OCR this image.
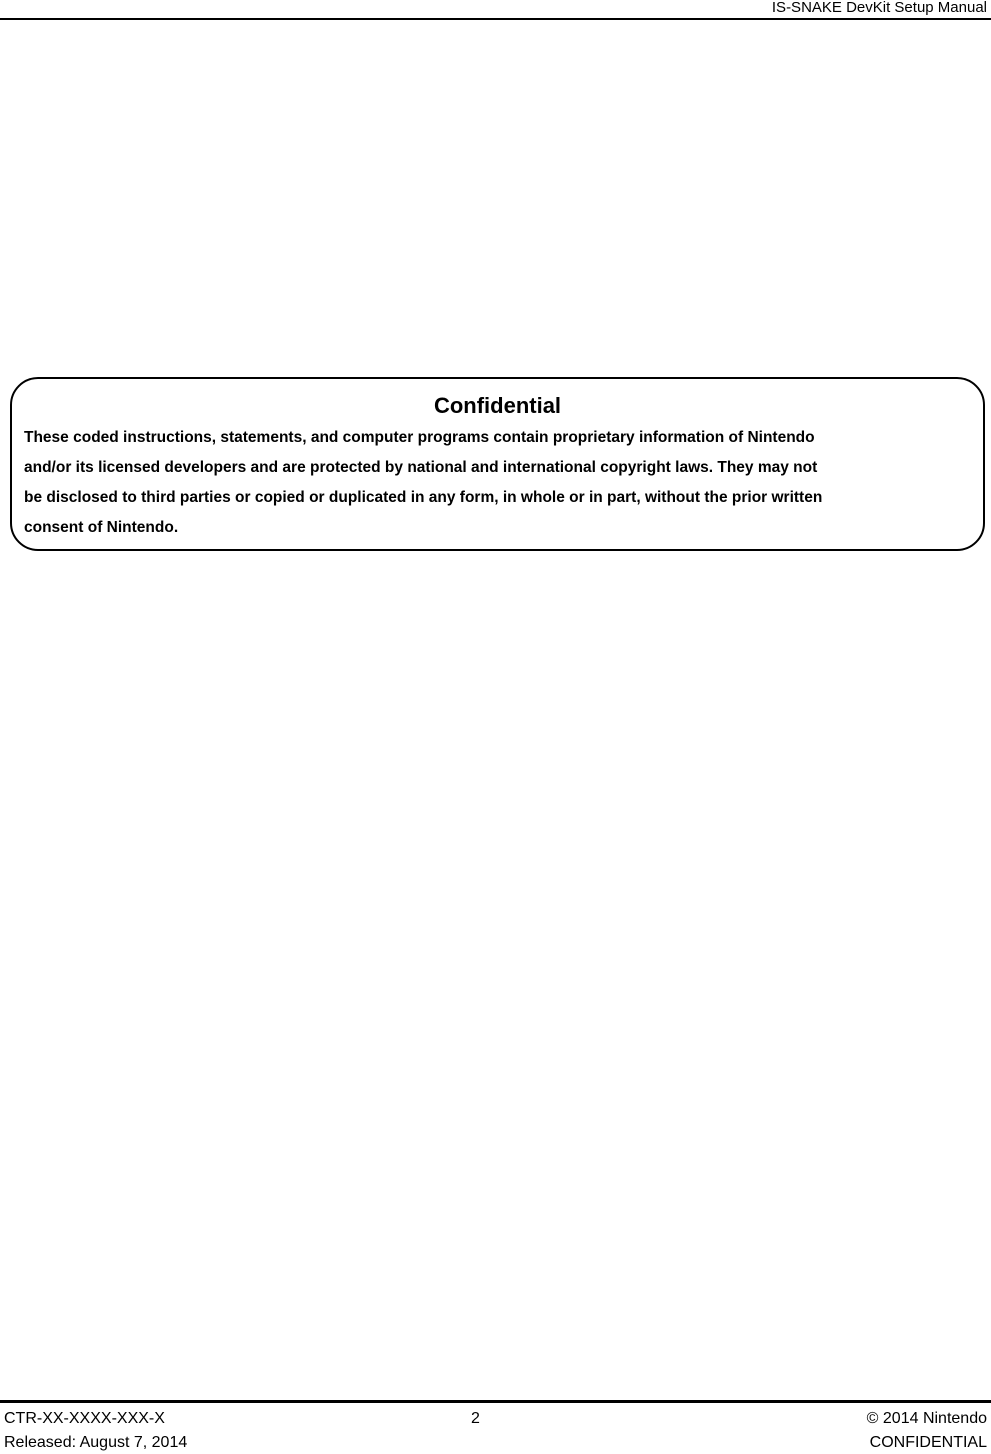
IS-SNAKE DevKit Setup Manual
Confidential
These coded instructions, statements, and computer programs contain proprietary information of Nintendo
and/or its licensed developers and are protected by national and international copyright laws. They may not
be disclosed to third parties or copied or duplicated in any form, in whole or in part, without the prior written
consent of Nintendo.
CTR-XX-XXXX-XXX-X	2	© 2014 Nintendo
Released: August 7, 2014	CONFIDENTIAL
